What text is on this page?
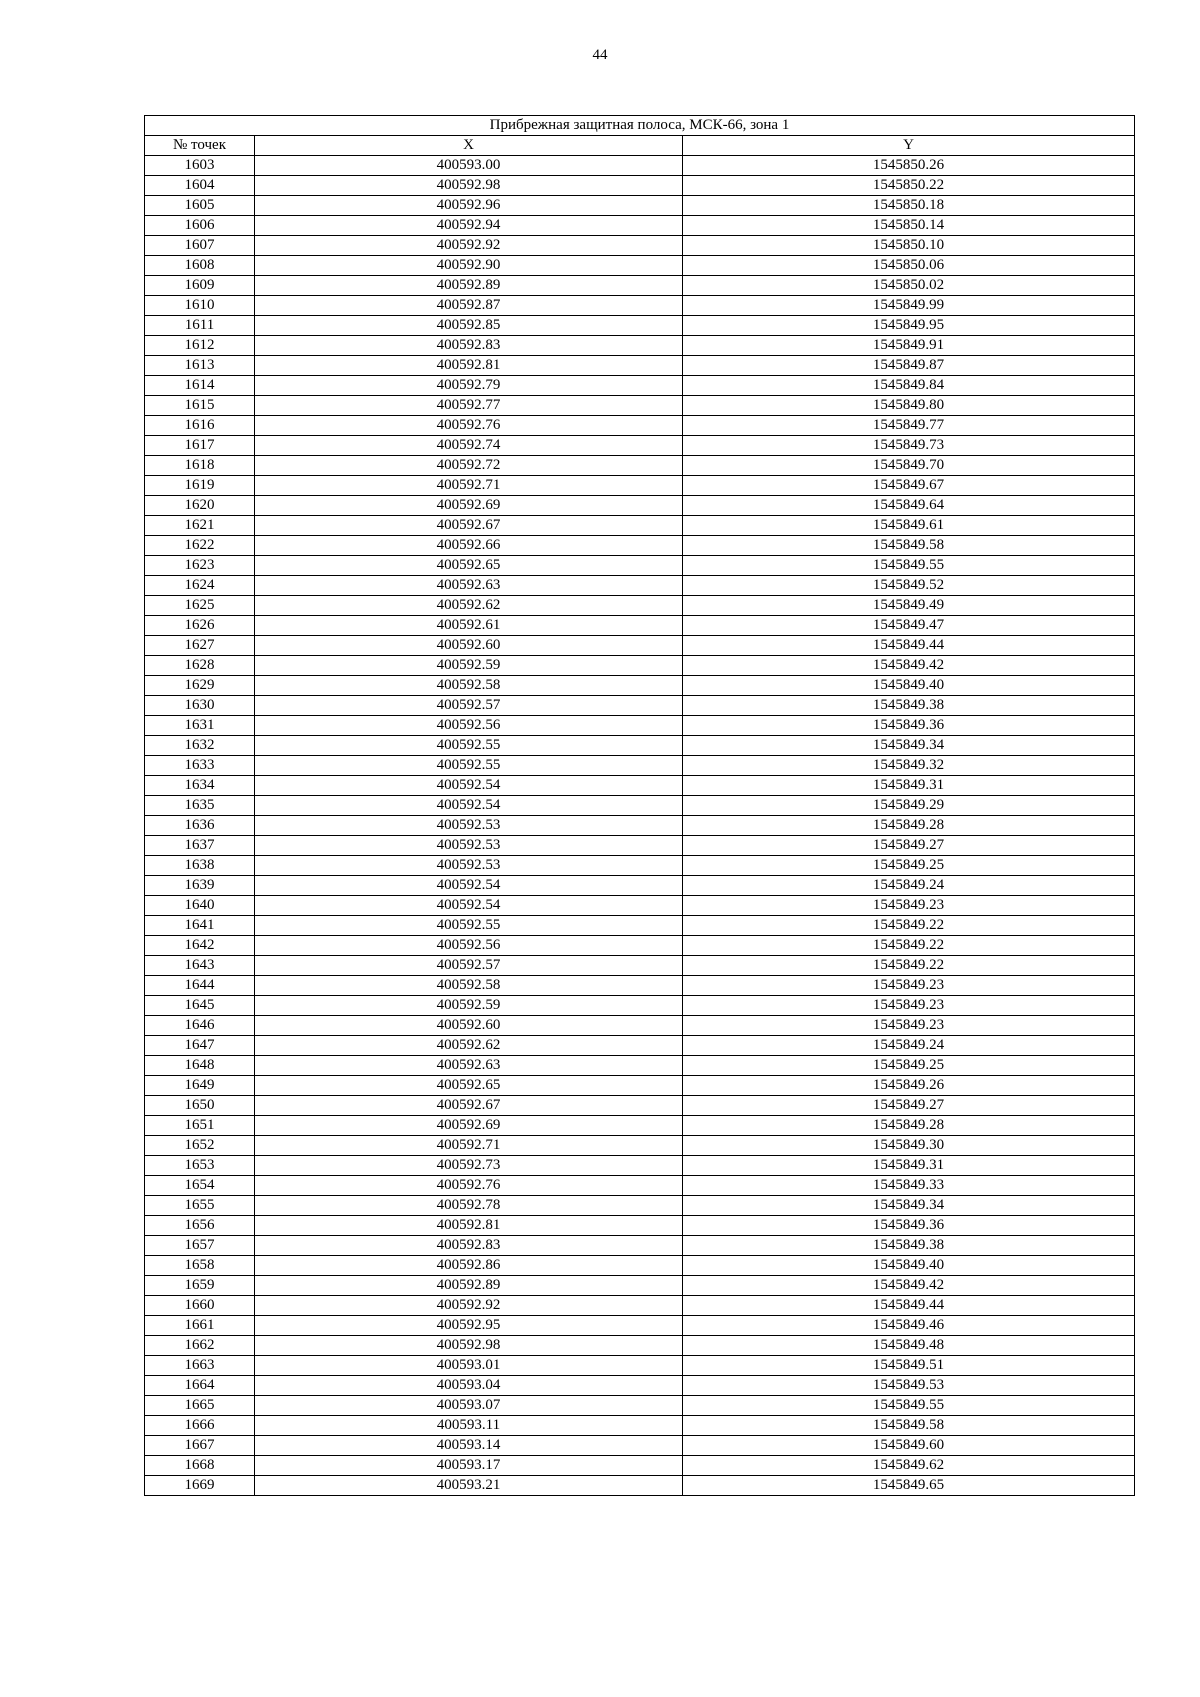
44
Прибрежная защитная полоса, МСК-66, зона 1		
№ точек	X	Y
1603	400593.00	1545850.26
1604	400592.98	1545850.22
1605	400592.96	1545850.18
1606	400592.94	1545850.14
1607	400592.92	1545850.10
1608	400592.90	1545850.06
1609	400592.89	1545850.02
1610	400592.87	1545849.99
1611	400592.85	1545849.95
1612	400592.83	1545849.91
1613	400592.81	1545849.87
1614	400592.79	1545849.84
1615	400592.77	1545849.80
1616	400592.76	1545849.77
1617	400592.74	1545849.73
1618	400592.72	1545849.70
1619	400592.71	1545849.67
1620	400592.69	1545849.64
1621	400592.67	1545849.61
1622	400592.66	1545849.58
1623	400592.65	1545849.55
1624	400592.63	1545849.52
1625	400592.62	1545849.49
1626	400592.61	1545849.47
1627	400592.60	1545849.44
1628	400592.59	1545849.42
1629	400592.58	1545849.40
1630	400592.57	1545849.38
1631	400592.56	1545849.36
1632	400592.55	1545849.34
1633	400592.55	1545849.32
1634	400592.54	1545849.31
1635	400592.54	1545849.29
1636	400592.53	1545849.28
1637	400592.53	1545849.27
1638	400592.53	1545849.25
1639	400592.54	1545849.24
1640	400592.54	1545849.23
1641	400592.55	1545849.22
1642	400592.56	1545849.22
1643	400592.57	1545849.22
1644	400592.58	1545849.23
1645	400592.59	1545849.23
1646	400592.60	1545849.23
1647	400592.62	1545849.24
1648	400592.63	1545849.25
1649	400592.65	1545849.26
1650	400592.67	1545849.27
1651	400592.69	1545849.28
1652	400592.71	1545849.30
1653	400592.73	1545849.31
1654	400592.76	1545849.33
1655	400592.78	1545849.34
1656	400592.81	1545849.36
1657	400592.83	1545849.38
1658	400592.86	1545849.40
1659	400592.89	1545849.42
1660	400592.92	1545849.44
1661	400592.95	1545849.46
1662	400592.98	1545849.48
1663	400593.01	1545849.51
1664	400593.04	1545849.53
1665	400593.07	1545849.55
1666	400593.11	1545849.58
1667	400593.14	1545849.60
1668	400593.17	1545849.62
1669	400593.21	1545849.65
